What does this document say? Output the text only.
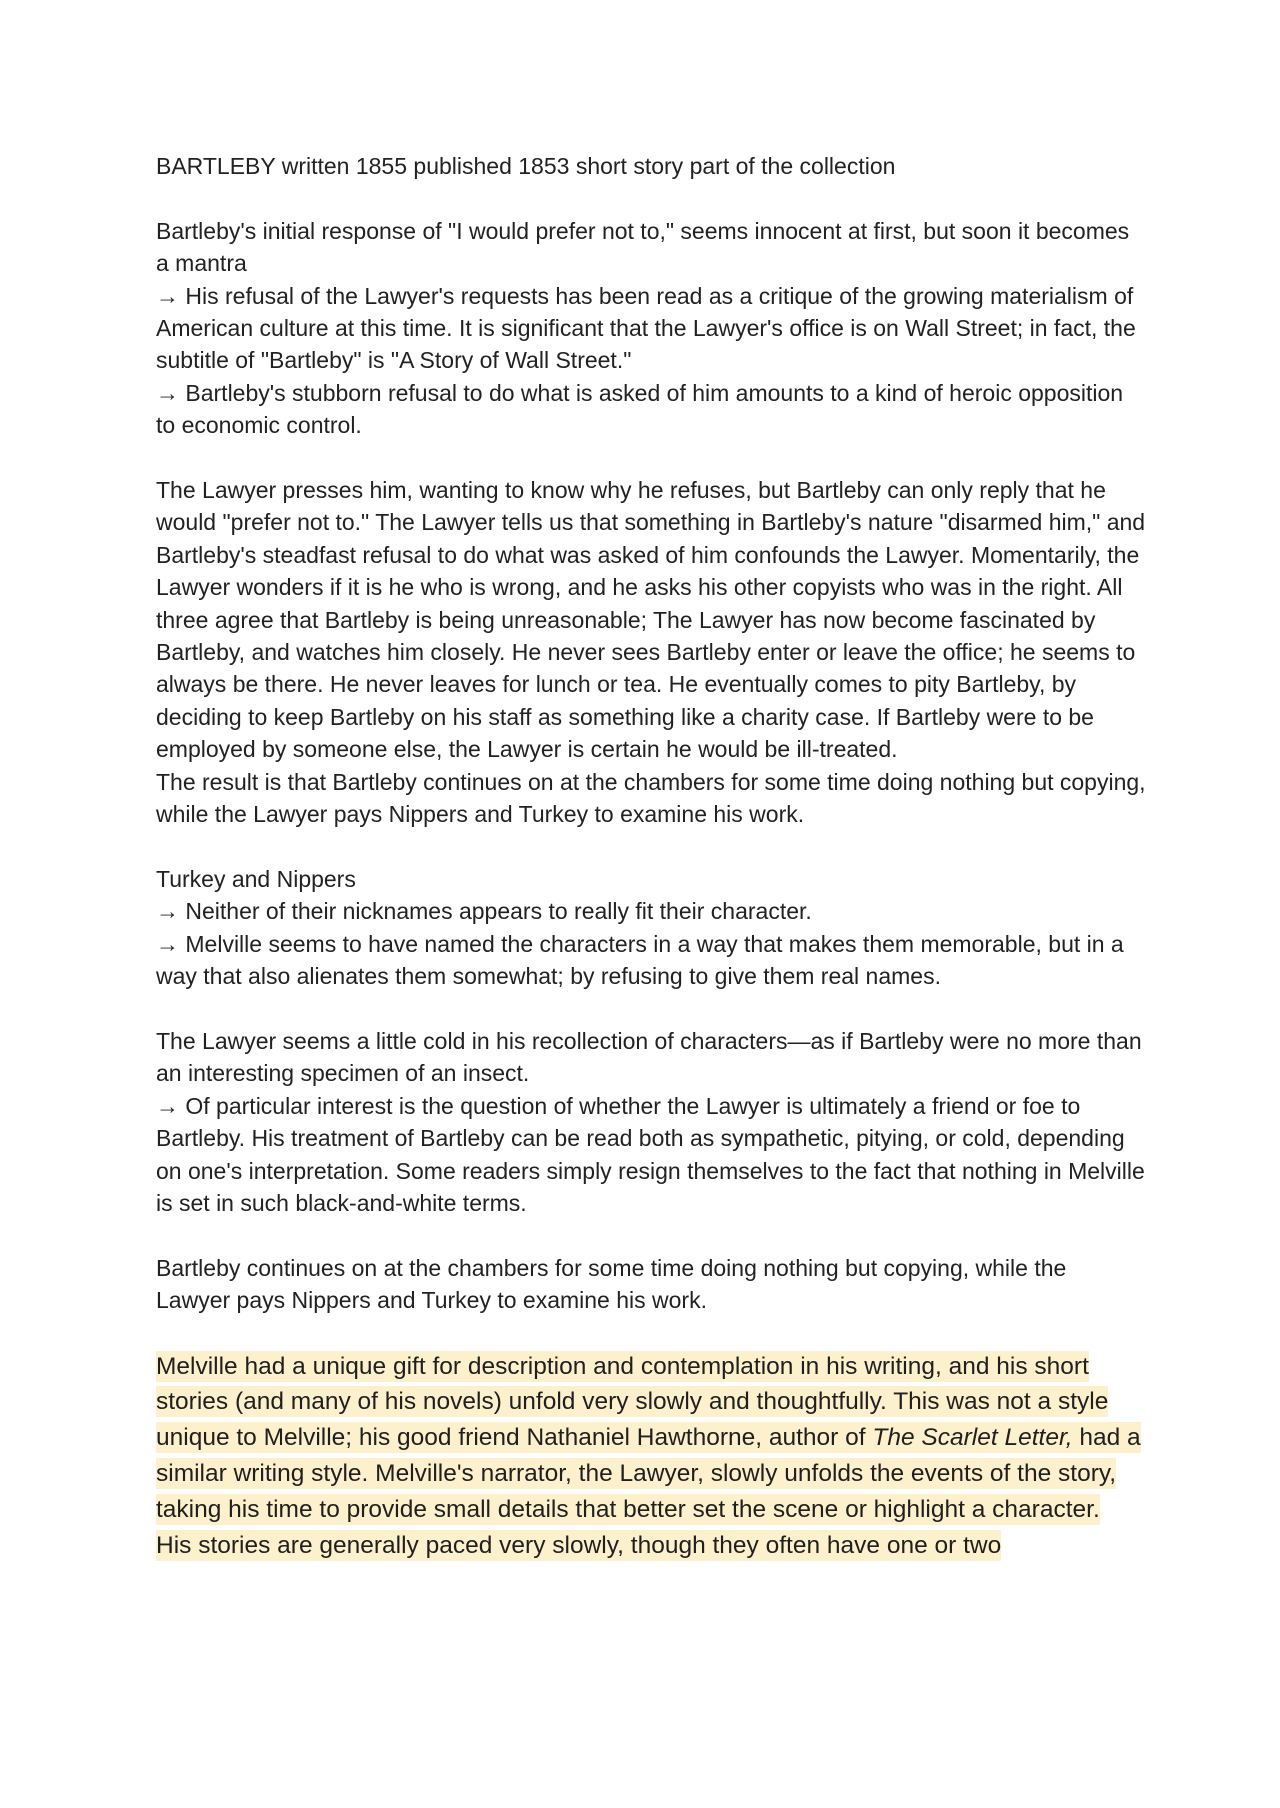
BARTLEBY written 1855 published 1853 short story part of the collection

Bartleby's initial response of "I would prefer not to," seems innocent at first, but soon it becomes a mantra

→ His refusal of the Lawyer's requests has been read as a critique of the growing materialism of American culture at this time. It is significant that the Lawyer's office is on Wall Street; in fact, the subtitle of "Bartleby" is "A Story of Wall Street."

→ Bartleby's stubborn refusal to do what is asked of him amounts to a kind of heroic opposition to economic control.

The Lawyer presses him, wanting to know why he refuses, but Bartleby can only reply that he would "prefer not to." The Lawyer tells us that something in Bartleby's nature "disarmed him," and Bartleby's steadfast refusal to do what was asked of him confounds the Lawyer. Momentarily, the Lawyer wonders if it is he who is wrong, and he asks his other copyists who was in the right. All three agree that Bartleby is being unreasonable; The Lawyer has now become fascinated by Bartleby, and watches him closely. He never sees Bartleby enter or leave the office; he seems to always be there. He never leaves for lunch or tea. He eventually comes to pity Bartleby, by deciding to keep Bartleby on his staff as something like a charity case. If Bartleby were to be employed by someone else, the Lawyer is certain he would be ill-treated.

The result is that Bartleby continues on at the chambers for some time doing nothing but copying, while the Lawyer pays Nippers and Turkey to examine his work.

Turkey and Nippers

→ Neither of their nicknames appears to really fit their character.

→ Melville seems to have named the characters in a way that makes them memorable, but in a way that also alienates them somewhat; by refusing to give them real names.

The Lawyer seems a little cold in his recollection of characters—as if Bartleby were no more than an interesting specimen of an insect.

→ Of particular interest is the question of whether the Lawyer is ultimately a friend or foe to Bartleby. His treatment of Bartleby can be read both as sympathetic, pitying, or cold, depending on one's interpretation. Some readers simply resign themselves to the fact that nothing in Melville is set in such black-and-white terms.

Bartleby continues on at the chambers for some time doing nothing but copying, while the Lawyer pays Nippers and Turkey to examine his work.

Melville had a unique gift for description and contemplation in his writing, and his short stories (and many of his novels) unfold very slowly and thoughtfully. This was not a style unique to Melville; his good friend Nathaniel Hawthorne, author of The Scarlet Letter, had a similar writing style. Melville's narrator, the Lawyer, slowly unfolds the events of the story, taking his time to provide small details that better set the scene or highlight a character.

His stories are generally paced very slowly, though they often have one or two
